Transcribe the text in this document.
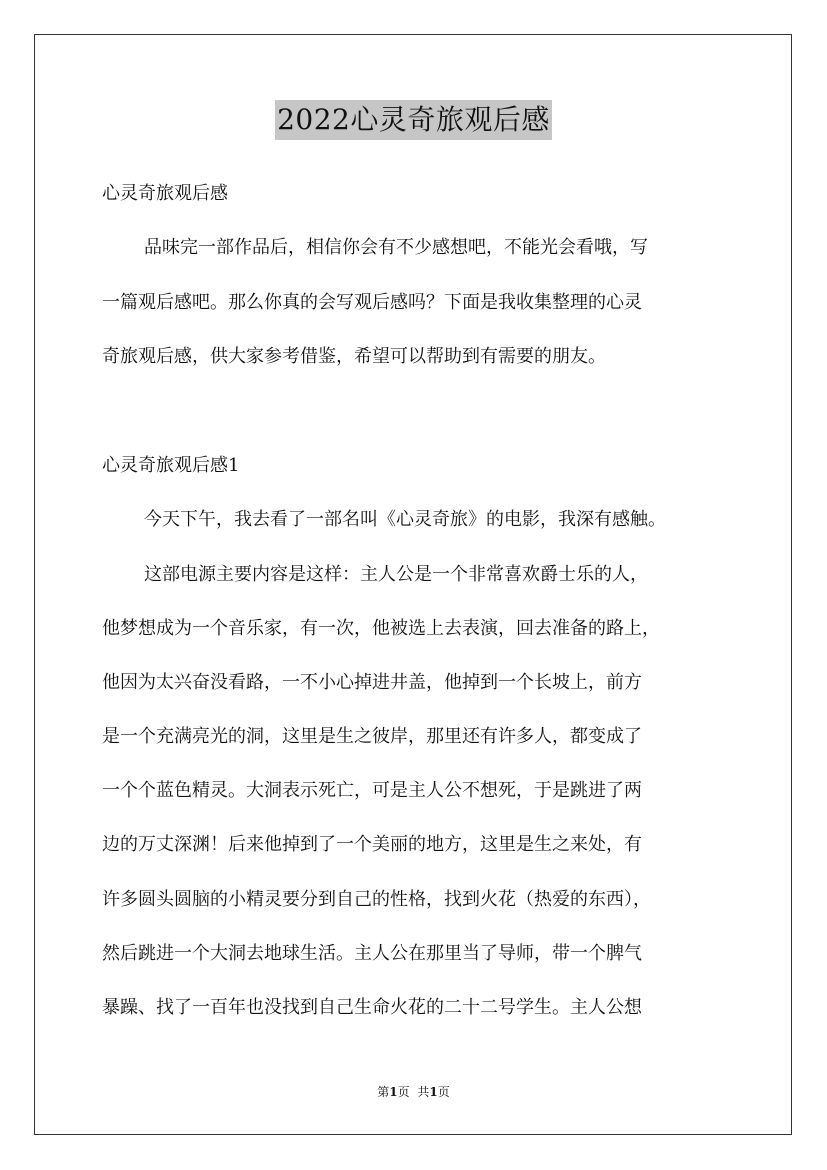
2022心灵奇旅观后感
心灵奇旅观后感
品味完一部作品后，相信你会有不少感想吧，不能光会看哦，写
一篇观后感吧。那么你真的会写观后感吗？下面是我收集整理的心灵
奇旅观后感，供大家参考借鉴，希望可以帮助到有需要的朋友。
心灵奇旅观后感1
今天下午，我去看了一部名叫《心灵奇旅》的电影，我深有感触。
这部电源主要内容是这样：主人公是一个非常喜欢爵士乐的人，
他梦想成为一个音乐家，有一次，他被选上去表演，回去准备的路上，
他因为太兴奋没看路，一不小心掉进井盖，他掉到一个长坡上，前方
是一个充满亮光的洞，这里是生之彼岸，那里还有许多人，都变成了
一个个蓝色精灵。大洞表示死亡，可是主人公不想死，于是跳进了两
边的万丈深渊！后来他掉到了一个美丽的地方，这里是生之来处，有
许多圆头圆脑的小精灵要分到自己的性格，找到火花（热爱的东西），
然后跳进一个大洞去地球生活。主人公在那里当了导师，带一个脾气
暴躁、找了一百年也没找到自己生命火花的二十二号学生。主人公想
第1页 共1页
